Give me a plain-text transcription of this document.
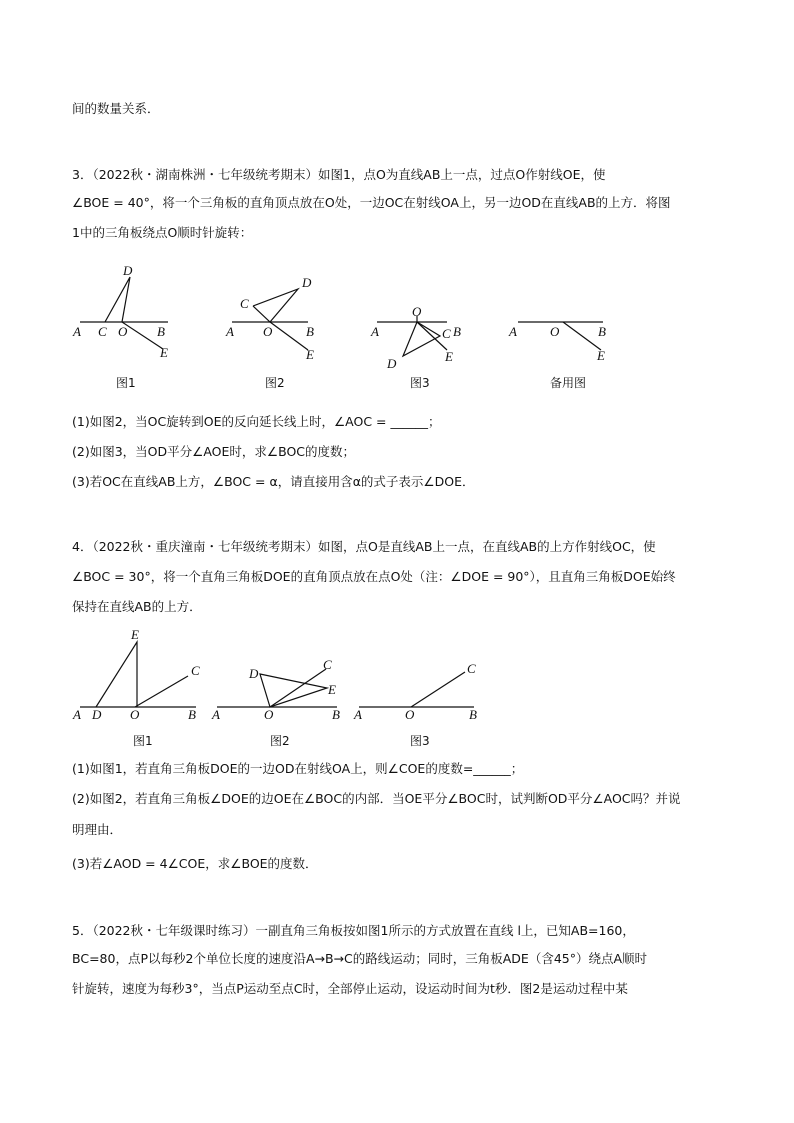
间的数量关系．
3．（2022秋・湖南株洲・七年级统考期末）如图1，点O为直线AB上一点，过点O作射线OE，使
∠BOE = 40°，将一个三角板的直角顶点放在O处，一边OC在射线OA上，另一边OD在直线AB的上方．将图
1中的三角板绕点O顺时针旋转：
D
A C O B
E
图1
D
C
A O	B
E
图2
O
A	C B
E
D
图3
A	O	B
E
备用图
(1)如图2，当OC旋转到OE的反向延长线上时，∠AOC = ______；
(2)如图3，当OD平分∠AOE时，求∠BOC的度数；
(3)若OC在直线AB上方，∠BOC = α，请直接用含α的式子表示∠DOE．
4．（2022秋・重庆潼南・七年级统考期末）如图，点O是直线AB上一点，在直线AB的上方作射线OC，使
∠BOC = 30°，将一个直角三角板DOE的直角顶点放在点O处（注：∠DOE = 90°），且直角三角板DOE始终
保持在直线AB的上方．
E
C
A D O	B
图1
D
C
E
A	O	B
图2
C
A	O	B
图3
(1)如图1，若直角三角板DOE的一边OD在射线OA上，则∠COE的度数=______；
(2)如图2，若直角三角板∠DOE的边OE在∠BOC的内部．当OE平分∠BOC时，试判断OD平分∠AOC吗？并说
明理由．
(3)若∠AOD = 4∠COE，求∠BOE的度数．
5．（2022秋・七年级课时练习）一副直角三角板按如图1所示的方式放置在直线 l上，已知AB=160，
BC=80，点P以每秒2个单位长度的速度沿A→B→C的路线运动；同时，三角板ADE（含45°）绕点A顺时
针旋转，速度为每秒3°，当点P运动至点C时，全部停止运动，设运动时间为t秒．图2是运动过程中某
